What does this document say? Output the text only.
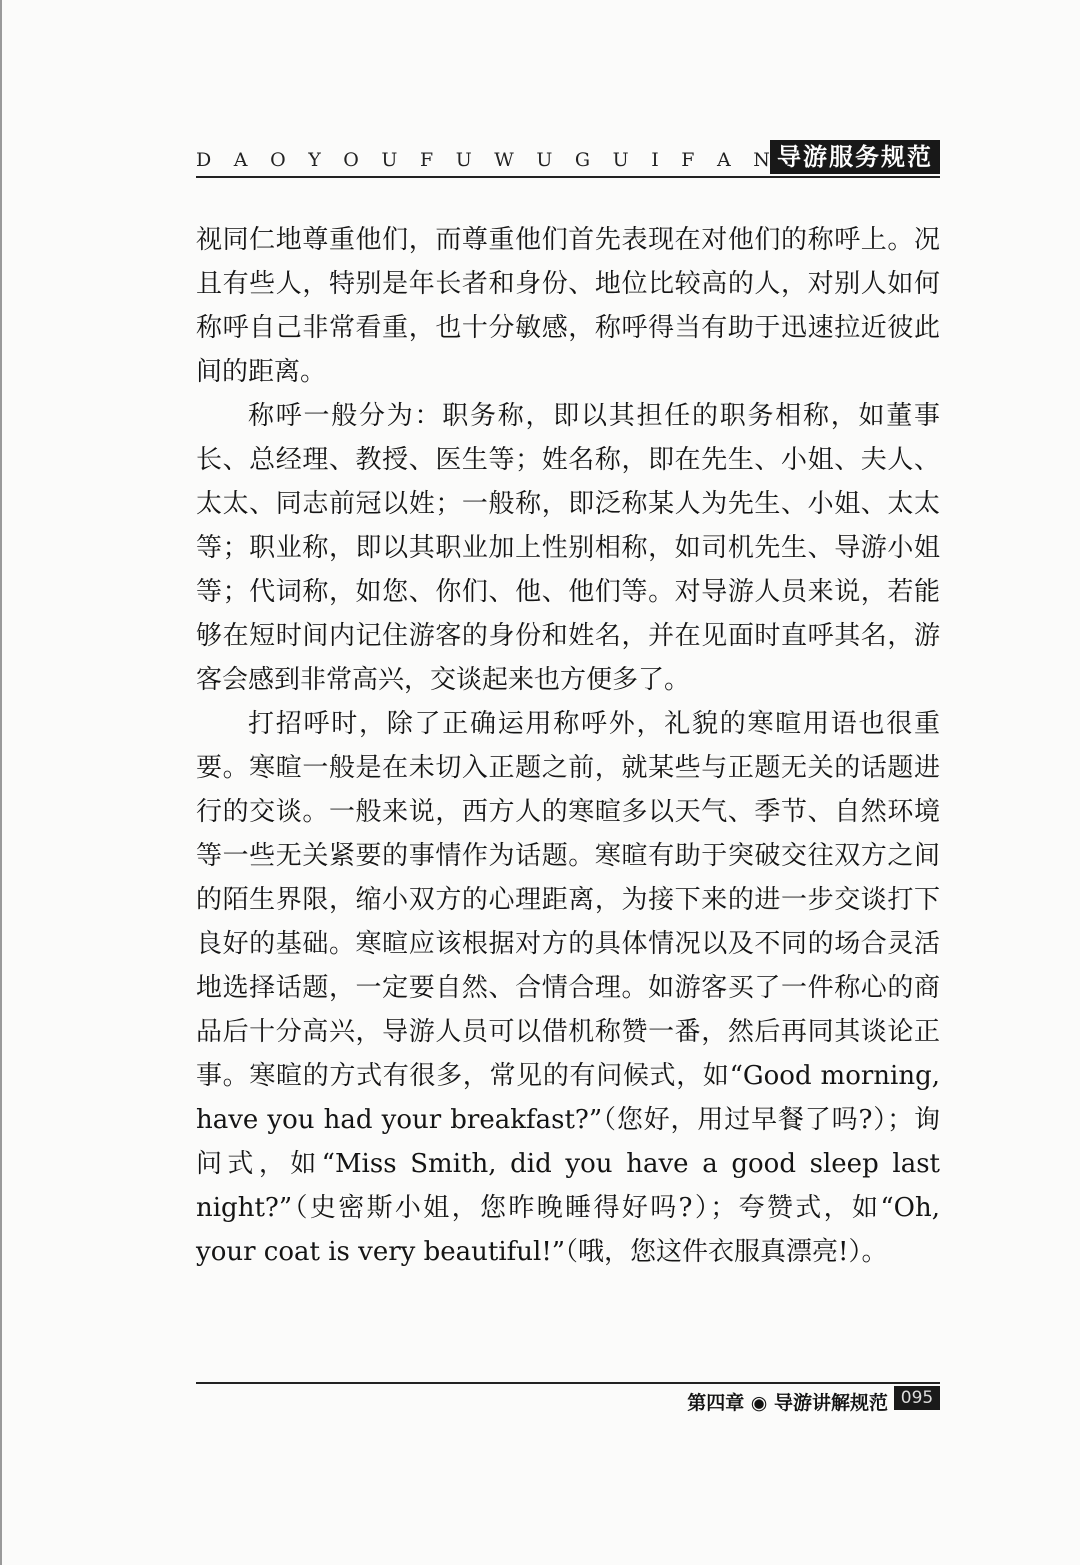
D A O Y O U F U W U G U I F A N 导游服务规范

视同仁地尊重他们，而尊重他们首先表现在对他们的称呼上。况且有些人，特别是年长者和身份、地位比较高的人，对别人如何称呼自己非常看重，也十分敏感，称呼得当有助于迅速拉近彼此间的距离。

称呼一般分为：职务称，即以其担任的职务相称，如董事长、总经理、教授、医生等；姓名称，即在先生、小姐、夫人、太太、同志前冠以姓；一般称，即泛称某人为先生、小姐、太太等；职业称，即以其职业加上性别相称，如司机先生、导游小姐等；代词称，如您、你们、他、他们等。对导游人员来说，若能够在短时间内记住游客的身份和姓名，并在见面时直呼其名，游客会感到非常高兴，交谈起来也方便多了。

打招呼时，除了正确运用称呼外，礼貌的寒暄用语也很重要。寒暄一般是在未切入正题之前，就某些与正题无关的话题进行的交谈。一般来说，西方人的寒暄多以天气、季节、自然环境等一些无关紧要的事情作为话题。寒暄有助于突破交往双方之间的陌生界限，缩小双方的心理距离，为接下来的进一步交谈打下良好的基础。寒暄应该根据对方的具体情况以及不同的场合灵活地选择话题，一定要自然、合情合理。如游客买了一件称心的商品后十分高兴，导游人员可以借机称赞一番，然后再同其谈论正事。寒暄的方式有很多，常见的有问候式，如“Good morning, have you had your breakfast?”（您好，用过早餐了吗?）；询问式，如“Miss Smith, did you have a good sleep last night?”（史密斯小姐，您昨晚睡得好吗?）；夸赞式，如“Oh, your coat is very beautiful!”（哦，您这件衣服真漂亮!）。

第四章 ◉ 导游讲解规范 095
